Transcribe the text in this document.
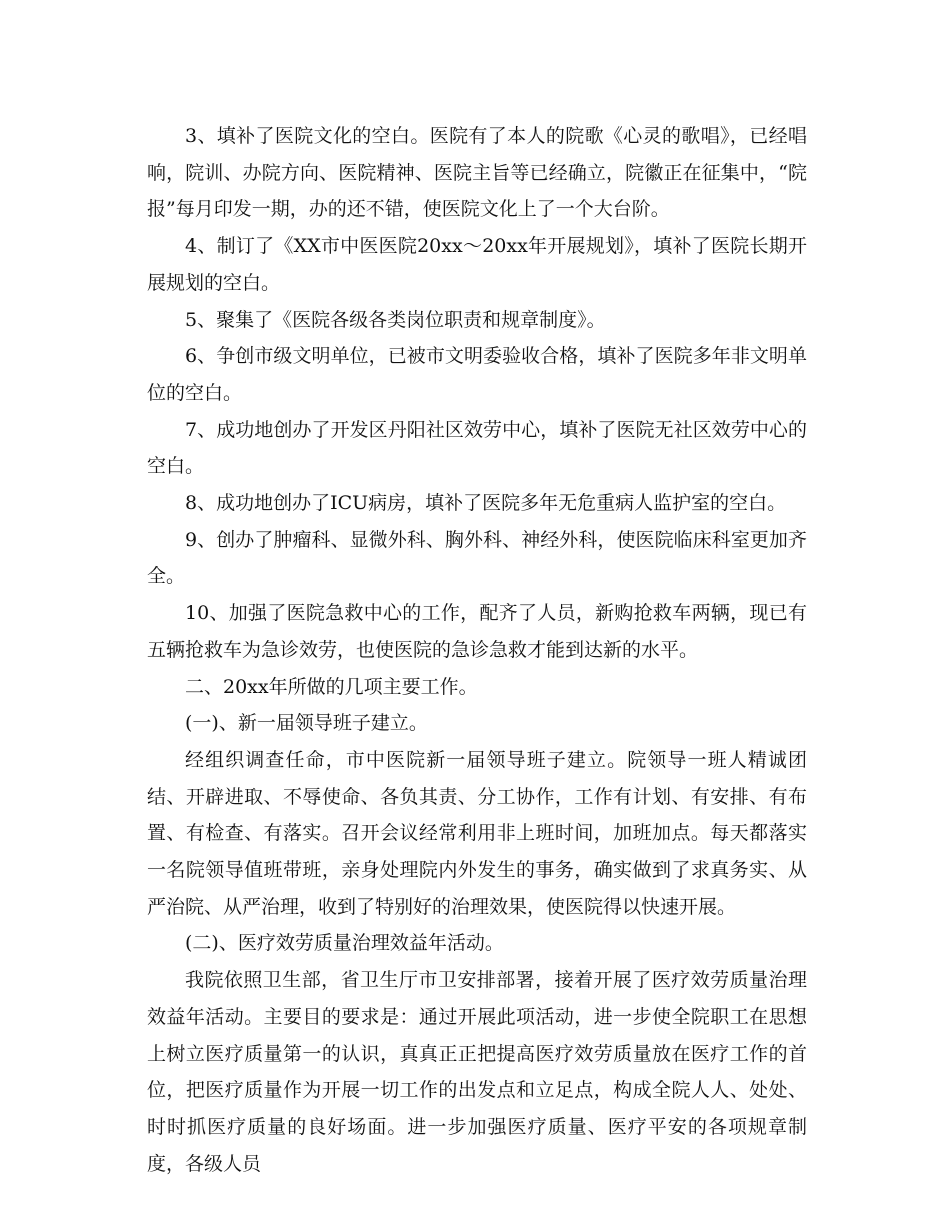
3、填补了医院文化的空白。医院有了本人的院歌《心灵的歌唱》，已经唱响，院训、办院方向、医院精神、医院主旨等已经确立，院徽正在征集中，“院报”每月印发一期，办的还不错，使医院文化上了一个大台阶。

4、制订了《XX市中医医院20xx～20xx年开展规划》，填补了医院长期开展规划的空白。

5、聚集了《医院各级各类岗位职责和规章制度》。

6、争创市级文明单位，已被市文明委验收合格，填补了医院多年非文明单位的空白。

7、成功地创办了开发区丹阳社区效劳中心，填补了医院无社区效劳中心的空白。

8、成功地创办了ICU病房，填补了医院多年无危重病人监护室的空白。

9、创办了肿瘤科、显微外科、胸外科、神经外科，使医院临床科室更加齐全。

10、加强了医院急救中心的工作，配齐了人员，新购抢救车两辆，现已有五辆抢救车为急诊效劳，也使医院的急诊急救才能到达新的水平。

二、20xx年所做的几项主要工作。

(一)、新一届领导班子建立。

经组织调查任命，市中医院新一届领导班子建立。院领导一班人精诚团结、开辟进取、不辱使命、各负其责、分工协作，工作有计划、有安排、有布置、有检查、有落实。召开会议经常利用非上班时间，加班加点。每天都落实一名院领导值班带班，亲身处理院内外发生的事务，确实做到了求真务实、从严治院、从严治理，收到了特别好的治理效果，使医院得以快速开展。

(二)、医疗效劳质量治理效益年活动。

我院依照卫生部，省卫生厅市卫安排部署，接着开展了医疗效劳质量治理效益年活动。主要目的要求是：通过开展此项活动，进一步使全院职工在思想上树立医疗质量第一的认识，真真正正把提高医疗效劳质量放在医疗工作的首位，把医疗质量作为开展一切工作的出发点和立足点，构成全院人人、处处、时时抓医疗质量的良好场面。进一步加强医疗质量、医疗平安的各项规章制度，各级人员
